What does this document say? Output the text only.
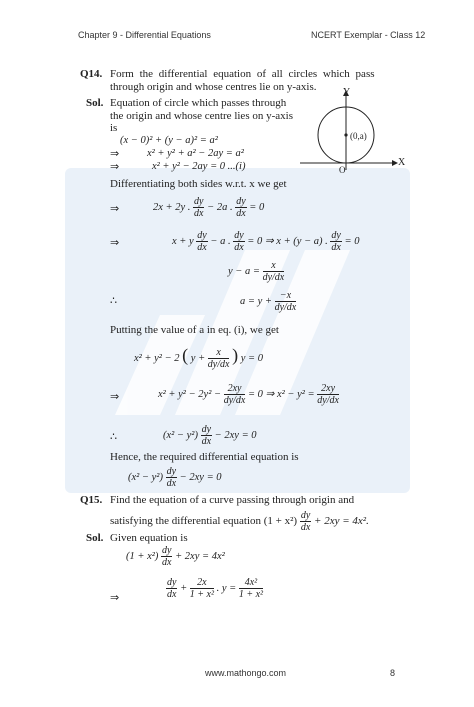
Chapter 9 - Differential Equations	NCERT Exemplar - Class 12
Q14. Form the differential equation of all circles which pass
through origin and whose centres lie on y-axis.
Sol. Equation of circle which passes through
the origin and whose centre lies on y-axis
is
Y
X
O
(0,a)
(x − 0)² + (y − a)² = a²
⇒	x² + y² + a² − 2ay = a²
⇒	x² + y² − 2ay = 0 ...(i)
Differentiating both sides w.r.t. x we get
⇒	2x + 2y . $\frac{dy}{dx} - 2a$ . $\frac{dy}{dx} = 0$
⇒	x + y $\frac{dy}{dx} - a$ . $\frac{dy}{dx} = 0$ ⇒ x + (y − a) . $\frac{dy}{dx} = 0$
$y - a = \frac{x}{dy/dx}$
∴	$a = y + \frac{-x}{dy/dx}$
Putting the value of a in eq. (i), we get
x² + y² − 2 ( $y + \frac{x}{dy/dx}$ ) y = 0
⇒	$x^2 + y^2 - 2y^2 - \frac{2xy}{dy/dx} = 0$ ⇒ $x^2 - y^2 = \frac{2xy}{dy/dx}$
∴	$(x^2 - y^2) \frac{dy}{dx} - 2xy = 0$
Hence, the required differential equation is
$(x^2 - y^2) \frac{dy}{dx} - 2xy = 0$
Q15. Find the equation of a curve passing through origin and
satisfying the differential equation $(1 + x^2) \frac{dy}{dx} + 2xy = 4x^2$.
Sol. Given equation is
$(1 + x^2) \frac{dy}{dx} + 2xy = 4x^2$
⇒	$\frac{dy}{dx} + \frac{2x}{\text{1 + x²}}$ . $y = \frac{\text{4x²}}{\text{1 + x²}}$
www.mathongo.com	8
